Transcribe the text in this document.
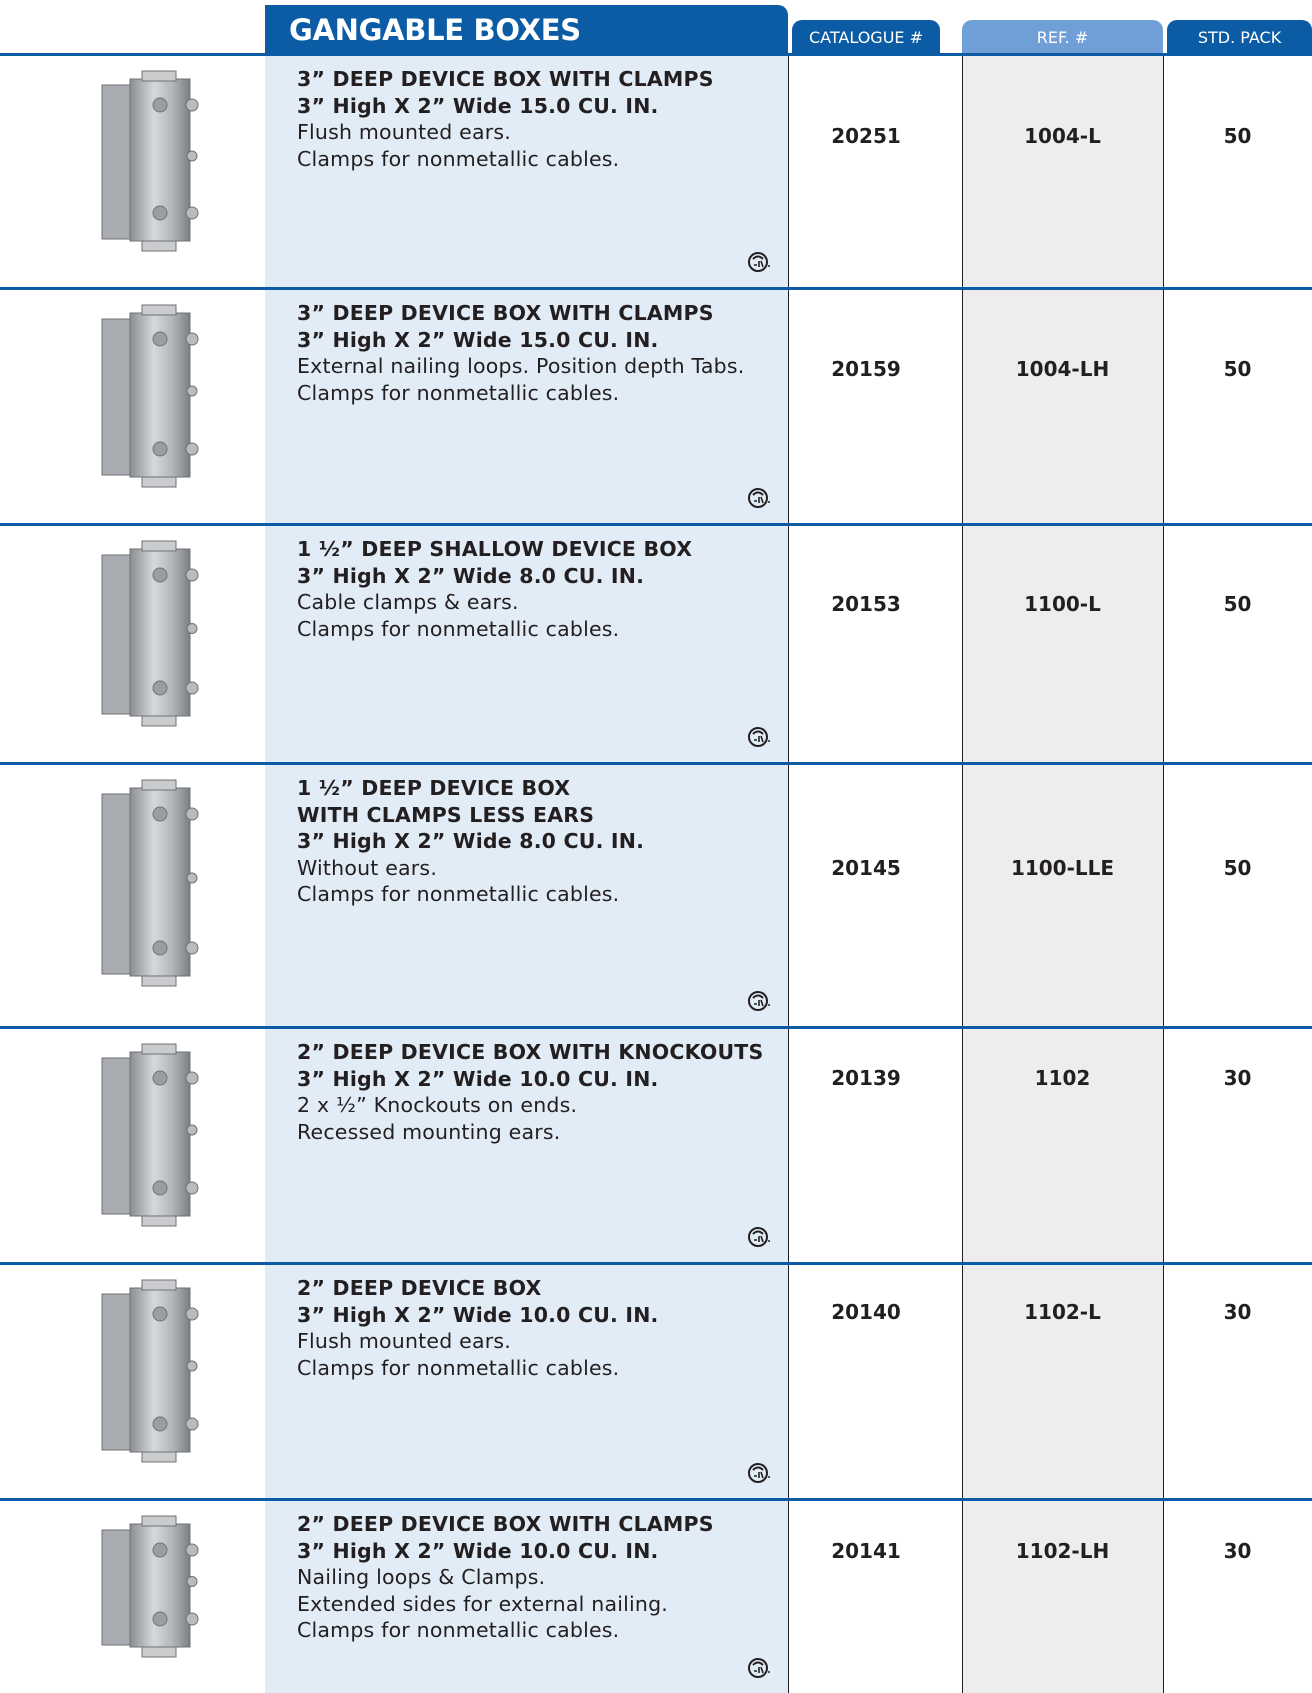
GANGABLE BOXES	CATALOGUE #	REF. #	STD. PACK
3” DEEP DEVICE BOX WITH CLAMPS
3” High X 2” Wide 15.0 CU. IN.
Flush mounted ears.
Clamps for nonmetallic cables.
20251	1004-L	50
3” DEEP DEVICE BOX WITH CLAMPS
3” High X 2” Wide 15.0 CU. IN.
External nailing loops. Position depth Tabs.
Clamps for nonmetallic cables.
20159	1004-LH	50
1 ½” DEEP SHALLOW DEVICE BOX
3” High X 2” Wide 8.0 CU. IN.
Cable clamps & ears.
Clamps for nonmetallic cables.
20153	1100-L	50
1 ½” DEEP DEVICE BOX
WITH CLAMPS LESS EARS
3” High X 2” Wide 8.0 CU. IN.
Without ears.
Clamps for nonmetallic cables.
20145	1100-LLE	50
2” DEEP DEVICE BOX WITH KNOCKOUTS
3” High X 2” Wide 10.0 CU. IN.
2 x ½” Knockouts on ends.
Recessed mounting ears.
20139	1102	30
2” DEEP DEVICE BOX
3” High X 2” Wide 10.0 CU. IN.
Flush mounted ears.
Clamps for nonmetallic cables.
20140	1102-L	30
2” DEEP DEVICE BOX WITH CLAMPS
3” High X 2” Wide 10.0 CU. IN.
Nailing loops & Clamps.
Extended sides for external nailing.
Clamps for nonmetallic cables.
20141	1102-LH	30
